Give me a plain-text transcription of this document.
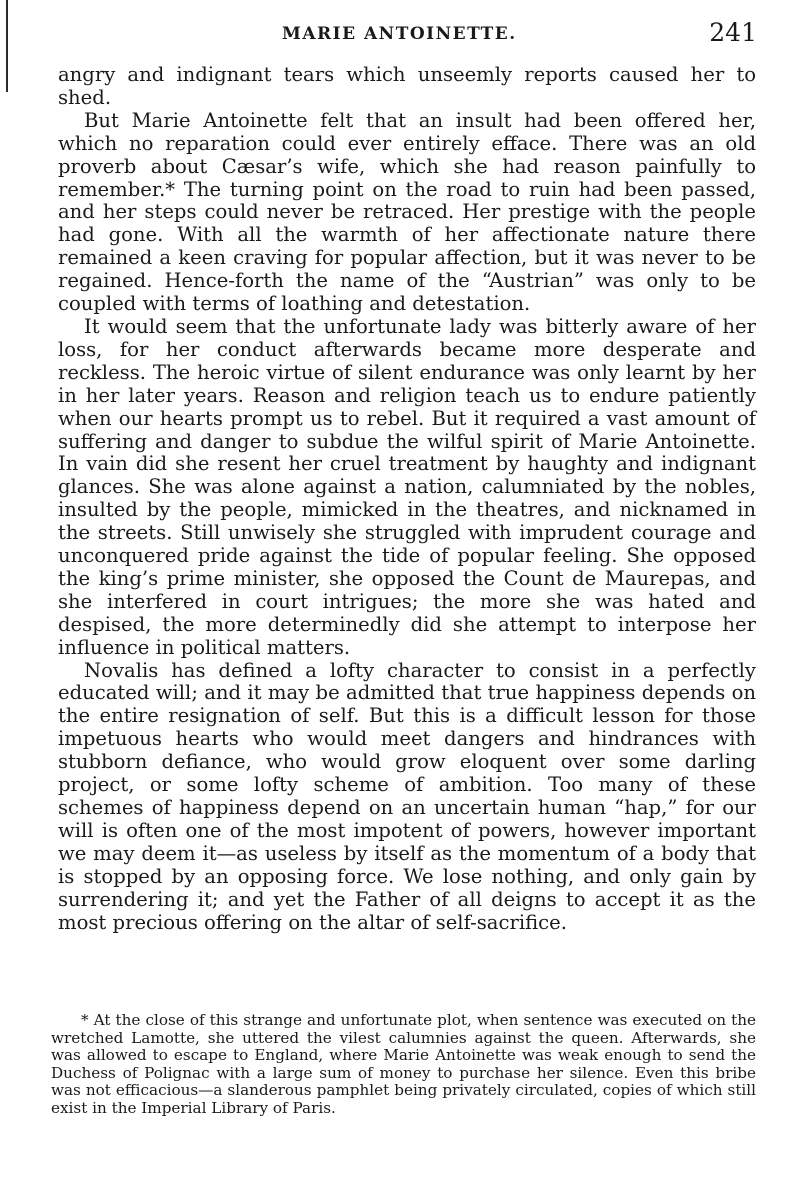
MARIE ANTOINETTE.	241

angry and indignant tears which unseemly reports caused her to shed.

But Marie Antoinette felt that an insult had been offered her, which no reparation could ever entirely efface. There was an old proverb about Cæsar’s wife, which she had reason painfully to remember.* The turning point on the road to ruin had been passed, and her steps could never be retraced. Her prestige with the people had gone. With all the warmth of her affectionate nature there remained a keen craving for popular affection, but it was never to be regained. Hence-forth the name of the “Austrian” was only to be coupled with terms of loathing and detestation.

It would seem that the unfortunate lady was bitterly aware of her loss, for her conduct afterwards became more desperate and reckless. The heroic virtue of silent endurance was only learnt by her in her later years. Reason and religion teach us to endure patiently when our hearts prompt us to rebel. But it required a vast amount of suffering and danger to subdue the wilful spirit of Marie Antoinette. In vain did she resent her cruel treatment by haughty and indignant glances. She was alone against a nation, calumniated by the nobles, insulted by the people, mimicked in the theatres, and nicknamed in the streets. Still unwisely she struggled with imprudent courage and unconquered pride against the tide of popular feeling. She opposed the king’s prime minister, she opposed the Count de Maurepas, and she interfered in court intrigues; the more she was hated and despised, the more determinedly did she attempt to interpose her influence in political matters.

Novalis has defined a lofty character to consist in a perfectly educated will; and it may be admitted that true happiness depends on the entire resignation of self. But this is a difficult lesson for those impetuous hearts who would meet dangers and hindrances with stubborn defiance, who would grow eloquent over some darling project, or some lofty scheme of ambition. Too many of these schemes of happiness depend on an uncertain human “hap,” for our will is often one of the most impotent of powers, however important we may deem it—as useless by itself as the momentum of a body that is stopped by an opposing force. We lose nothing, and only gain by surrendering it; and yet the Father of all deigns to accept it as the most precious offering on the altar of self-sacrifice.

* At the close of this strange and unfortunate plot, when sentence was executed on the wretched Lamotte, she uttered the vilest calumnies against the queen. Afterwards, she was allowed to escape to England, where Marie Antoinette was weak enough to send the Duchess of Polignac with a large sum of money to purchase her silence. Even this bribe was not efficacious—a slanderous pamphlet being privately circulated, copies of which still exist in the Imperial Library of Paris.
